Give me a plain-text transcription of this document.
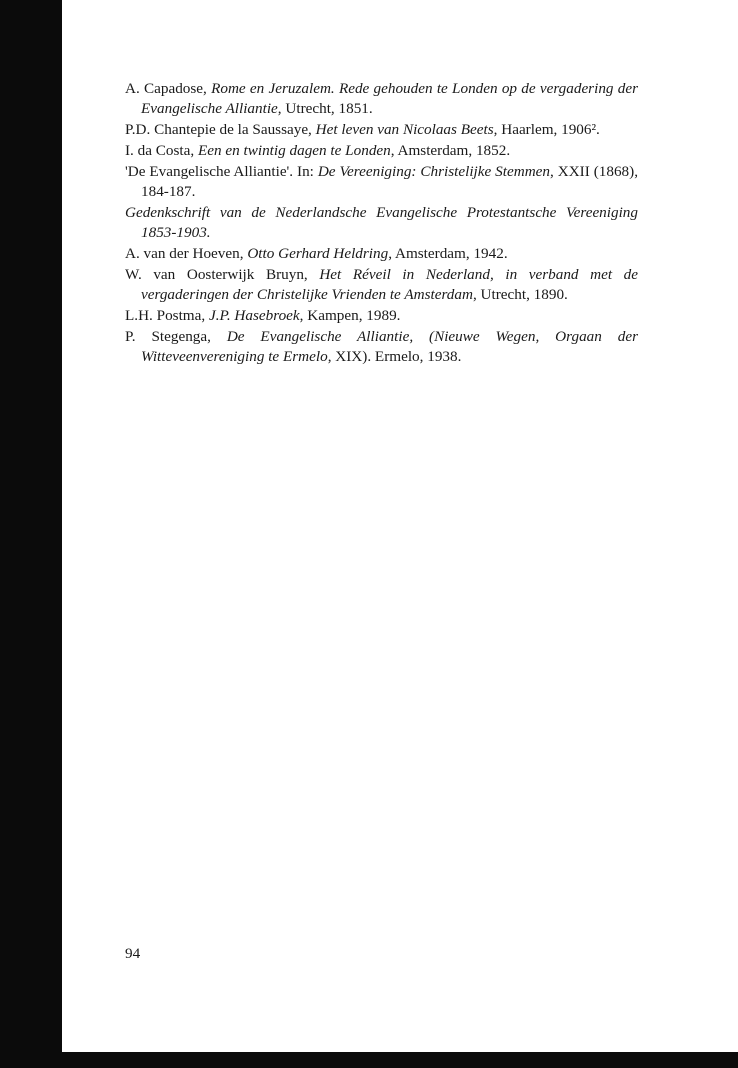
A. Capadose, Rome en Jeruzalem. Rede gehouden te Londen op de vergadering der Evangelische Alliantie, Utrecht, 1851.

P.D. Chantepie de la Saussaye, Het leven van Nicolaas Beets, Haarlem, 1906².

I. da Costa, Een en twintig dagen te Londen, Amsterdam, 1852.

'De Evangelische Alliantie'. In: De Vereeniging: Christelijke Stemmen, XXII (1868), 184-187.

Gedenkschrift van de Nederlandsche Evangelische Protestantsche Vereeniging 1853-1903.

A. van der Hoeven, Otto Gerhard Heldring, Amsterdam, 1942.

W. van Oosterwijk Bruyn, Het Réveil in Nederland, in verband met de vergaderingen der Christelijke Vrienden te Amsterdam, Utrecht, 1890.

L.H. Postma, J.P. Hasebroek, Kampen, 1989.

P. Stegenga, De Evangelische Alliantie, (Nieuwe Wegen, Orgaan der Witteveenvereniging te Ermelo, XIX). Ermelo, 1938.

94
